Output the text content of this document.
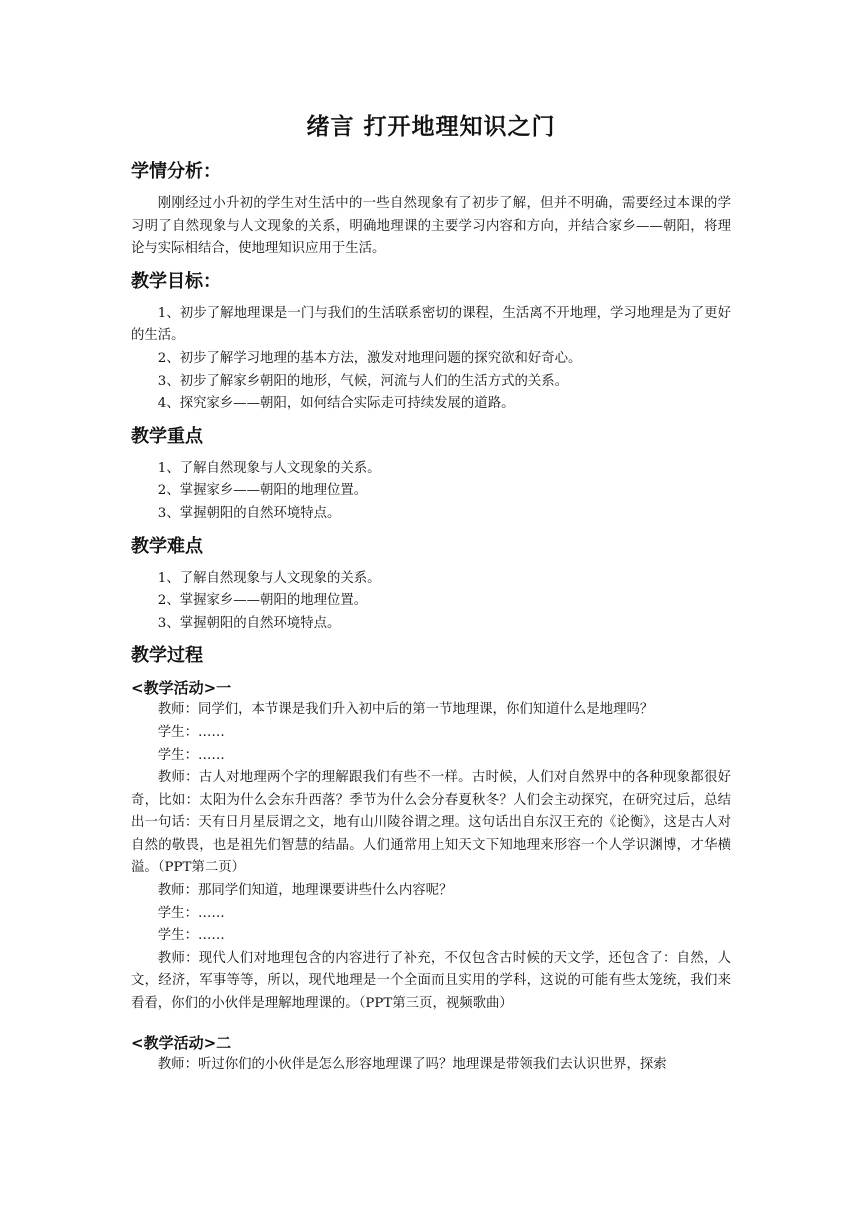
绪言 打开地理知识之门
学情分析：

刚刚经过小升初的学生对生活中的一些自然现象有了初步了解，但并不明确，需要经过本课的学习明了自然现象与人文现象的关系，明确地理课的主要学习内容和方向，并结合家乡——朝阳，将理论与实际相结合，使地理知识应用于生活。

教学目标：

1、初步了解地理课是一门与我们的生活联系密切的课程，生活离不开地理，学习地理是为了更好的生活。

2、初步了解学习地理的基本方法，激发对地理问题的探究欲和好奇心。

3、初步了解家乡朝阳的地形，气候，河流与人们的生活方式的关系。

4、探究家乡——朝阳，如何结合实际走可持续发展的道路。

教学重点

1、了解自然现象与人文现象的关系。

2、掌握家乡——朝阳的地理位置。

3、掌握朝阳的自然环境特点。

教学难点

1、了解自然现象与人文现象的关系。

2、掌握家乡——朝阳的地理位置。

3、掌握朝阳的自然环境特点。

教学过程
<教学活动>一

教师：同学们，本节课是我们升入初中后的第一节地理课，你们知道什么是地理吗？

学生：……

学生：……

教师：古人对地理两个字的理解跟我们有些不一样。古时候，人们对自然界中的各种现象都很好奇，比如：太阳为什么会东升西落？季节为什么会分春夏秋冬？人们会主动探究，在研究过后，总结出一句话：天有日月星辰谓之文，地有山川陵谷谓之理。这句话出自东汉王充的《论衡》，这是古人对自然的敬畏，也是祖先们智慧的结晶。人们通常用上知天文下知地理来形容一个人学识渊博，才华横溢。（PPT第二页）

教师：那同学们知道，地理课要讲些什么内容呢？

学生：……

学生：……

教师：现代人们对地理包含的内容进行了补充，不仅包含古时候的天文学，还包含了：自然，人文，经济，军事等等，所以，现代地理是一个全面而且实用的学科，这说的可能有些太笼统，我们来看看，你们的小伙伴是理解地理课的。（PPT第三页，视频歌曲）

<教学活动>二

教师：听过你们的小伙伴是怎么形容地理课了吗？地理课是带领我们去认识世界，探索
